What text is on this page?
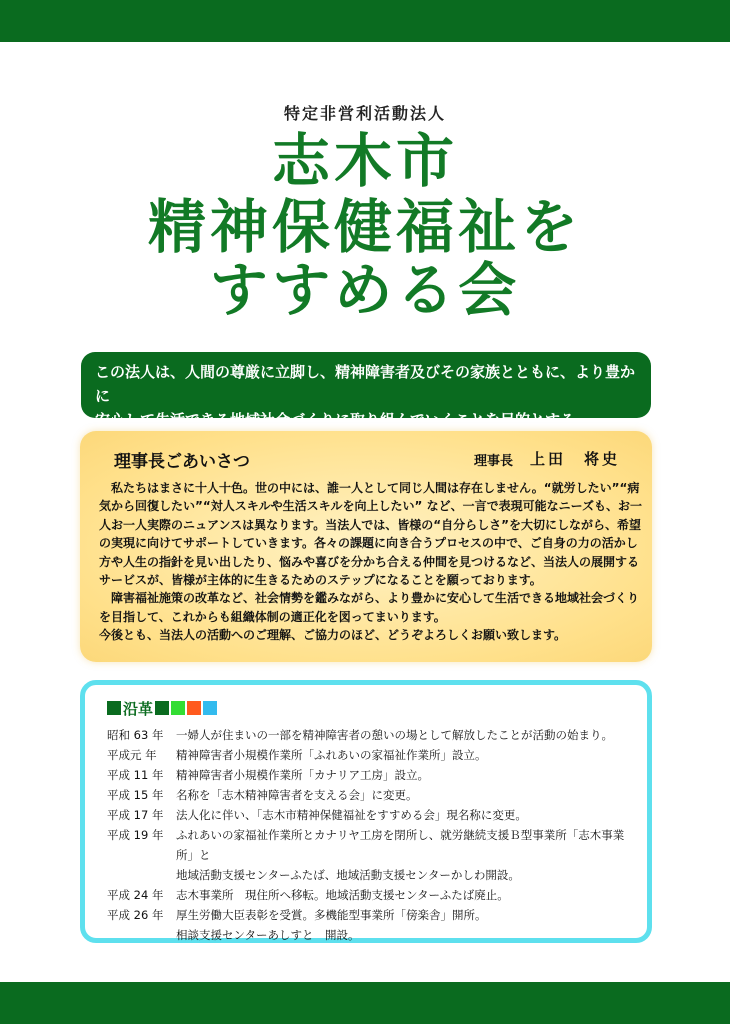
特定非営利活動法人
志木市
精神保健福祉を
すすめる会
この法人は、人間の尊厳に立脚し、精神障害者及びその家族とともに、より豊かに
安心して生活できる地域社会づくりに取り組んでいくことを目的とする。
理事長ごあいさつ	理事長 上田　将史

私たちはまさに十人十色。世の中には、誰一人として同じ人間は存在しません。“就労したい”“病気から回復したい”“対人スキルや生活スキルを向上したい” など、一言で表現可能なニーズも、お一人お一人実際のニュアンスは異なります。当法人では、皆様の“自分らしさ”を大切にしながら、希望の実現に向けてサポートしていきます。各々の課題に向き合うプロセスの中で、ご自身の力の活かし方や人生の指針を見い出したり、悩みや喜びを分かち合える仲間を見つけるなど、当法人の展開するサービスが、皆様が主体的に生きるためのステップになることを願っております。

障害福祉施策の改革など、社会情勢を鑑みながら、より豊かに安心して生活できる地域社会づくりを目指して、これからも組織体制の適正化を図ってまいります。

今後とも、当法人の活動へのご理解、ご協力のほど、どうぞよろしくお願い致します。

沿革
昭和 63 年	一婦人が住まいの一部を精神障害者の憩いの場として解放したことが活動の始まり。
平成元 年	精神障害者小規模作業所「ふれあいの家福祉作業所」設立。
平成 11 年	精神障害者小規模作業所「カナリア工房」設立。
平成 15 年	名称を「志木精神障害者を支える会」に変更。
平成 17 年	法人化に伴い、「志木市精神保健福祉をすすめる会」現名称に変更。
平成 19 年	ふれあいの家福祉作業所とカナリヤ工房を閉所し、就労継続支援Ｂ型事業所「志木事業所」と
地域活動支援センターふたば、地域活動支援センターかしわ開設。
平成 24 年	志木事業所　現住所へ移転。地域活動支援センターふたば廃止。
平成 26 年	厚生労働大臣表彰を受賞。多機能型事業所「傍楽舎」開所。
相談支援センターあしすと　開設。
